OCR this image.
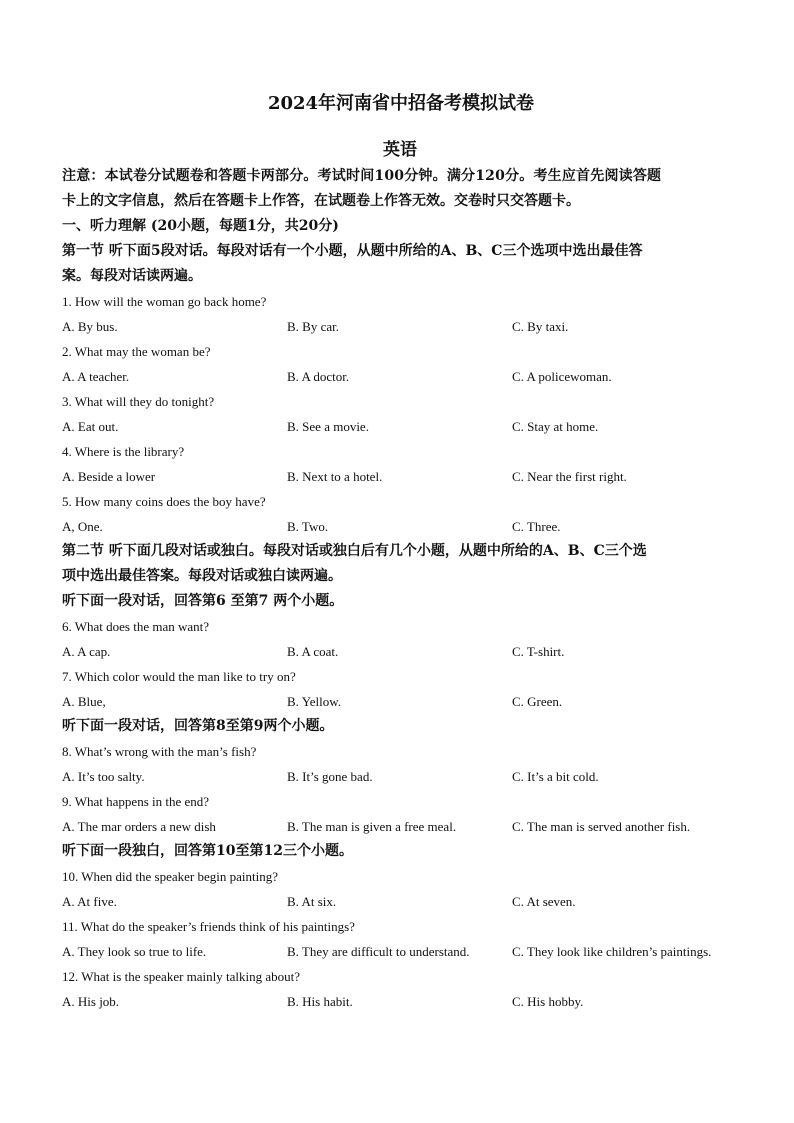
2024年河南省中招备考模拟试卷
英语
注意：本试卷分试题卷和答题卡两部分。考试时间100分钟。满分120分。考生应首先阅读答题
卡上的文字信息，然后在答题卡上作答，在试题卷上作答无效。交卷时只交答题卡。
一、听力理解 (20小题，每题1分，共20分)
第一节 听下面5段对话。每段对话有一个小题，从题中所给的A、B、C三个选项中选出最佳答
案。每段对话读两遍。
1. How will the woman go back home?
A. By bus.	B. By car.	C. By taxi.
2. What may the woman be?
A. A teacher.	B. A doctor.	C. A policewoman.
3. What will they do tonight?
A. Eat out.	B. See a movie.	C. Stay at home.
4. Where is the library?
A. Beside a lower	B. Next to a hotel.	C. Near the first right.
5. How many coins does the boy have?
A, One.	B. Two.	C. Three.
第二节 听下面几段对话或独白。每段对话或独白后有几个小题，从题中所给的A、B、C三个选
项中选出最佳答案。每段对话或独白读两遍。
听下面一段对话，回答第6 至第7 两个小题。
6. What does the man want?
A. A cap.	B. A coat.	C. T-shirt.
7. Which color would the man like to try on?
A. Blue,	B. Yellow.	C. Green.
听下面一段对话，回答第8至第9两个小题。
8. What’s wrong with the man’s fish?
A. It’s too salty.	B. It’s gone bad.	C. It’s a bit cold.
9. What happens in the end?
A. The mar orders a new dish	B. The man is given a free meal.	C. The man is served another fish.
听下面一段独白，回答第10至第12三个小题。
10. When did the speaker begin painting?
A. At five.	B. At six.	C. At seven.
11. What do the speaker’s friends think of his paintings?
A. They look so true to life.	B. They are difficult to understand.	C. They look like children’s paintings.
12. What is the speaker mainly talking about?
A. His job.	B. His habit.	C. His hobby.
